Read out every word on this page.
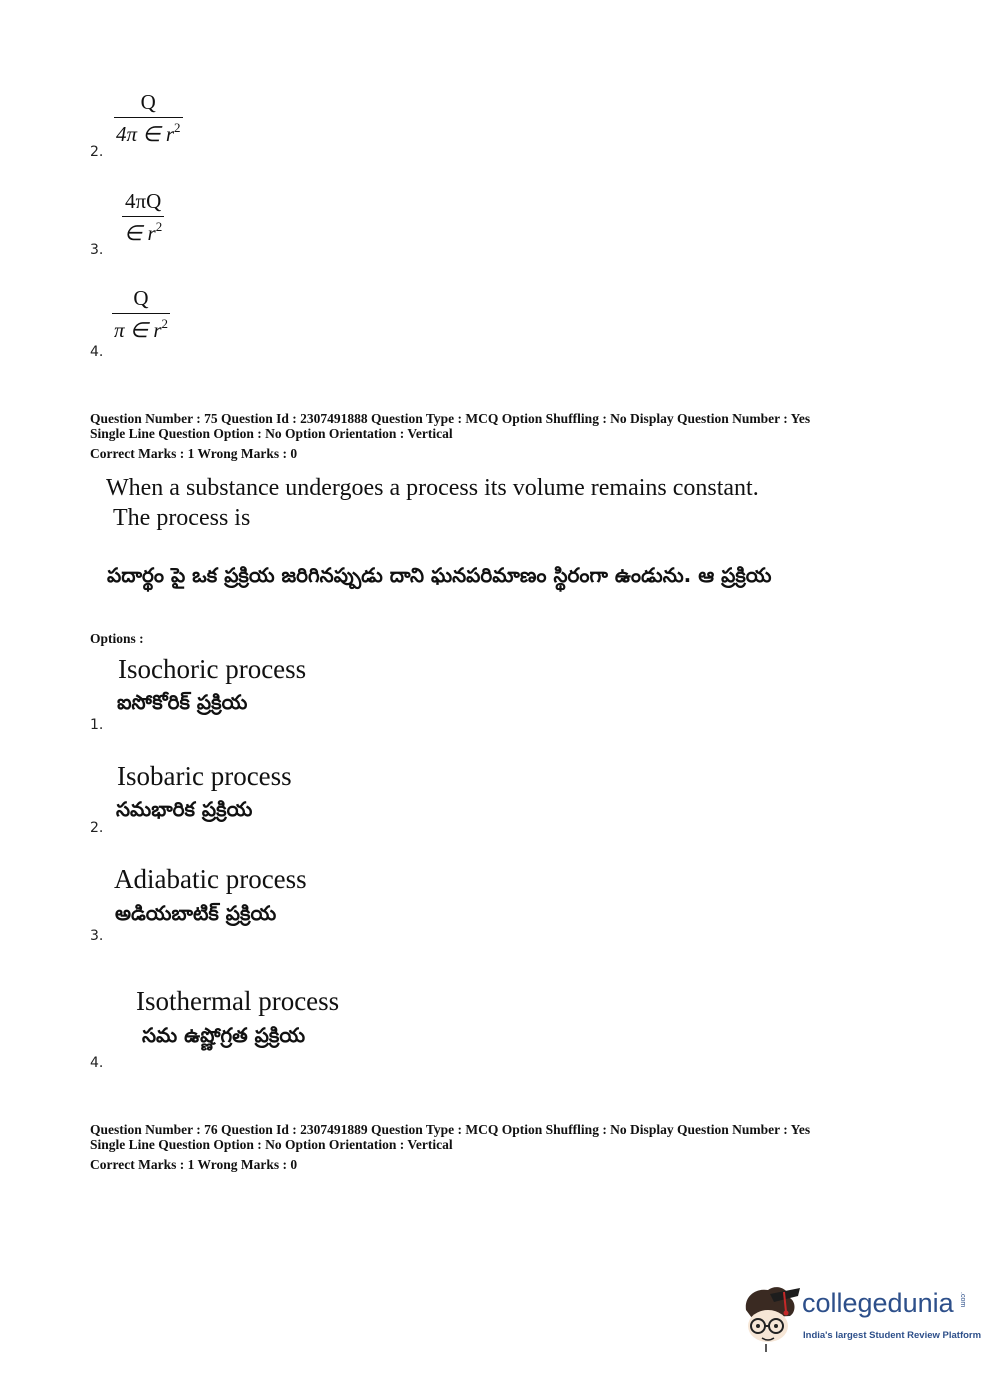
$\frac{Q}{4\pi \in r^2}$
2.
$\frac{4\pi Q}{\in r^2}$
3.
$\frac{Q}{\pi \in r^2}$
4.
Question Number : 75 Question Id : 2307491888 Question Type : MCQ Option Shuffling : No Display Question Number : Yes
Single Line Question Option : No Option Orientation : Vertical
Correct Marks : 1 Wrong Marks : 0
When a substance undergoes a process its volume remains constant.
The process is
పదార్థం పై ఒక ప్రక్రియ జరిగినప్పుడు దాని ఘనపరిమాణం స్థిరంగా ఉండును. ఆ ప్రక్రియ
Options :
Isochoric process
ఐసోకోరిక్ ప్రక్రియ
1.
Isobaric process
సమభారిక ప్రక్రియ
2.
Adiabatic process
అడియబాటిక్ ప్రక్రియ
3.
Isothermal process
సమ ఉష్ణోగ్రత ప్రక్రియ
4.
Question Number : 76 Question Id : 2307491889 Question Type : MCQ Option Shuffling : No Display Question Number : Yes
Single Line Question Option : No Option Orientation : Vertical
Correct Marks : 1 Wrong Marks : 0
collegedunia .com
India's largest Student Review Platform
